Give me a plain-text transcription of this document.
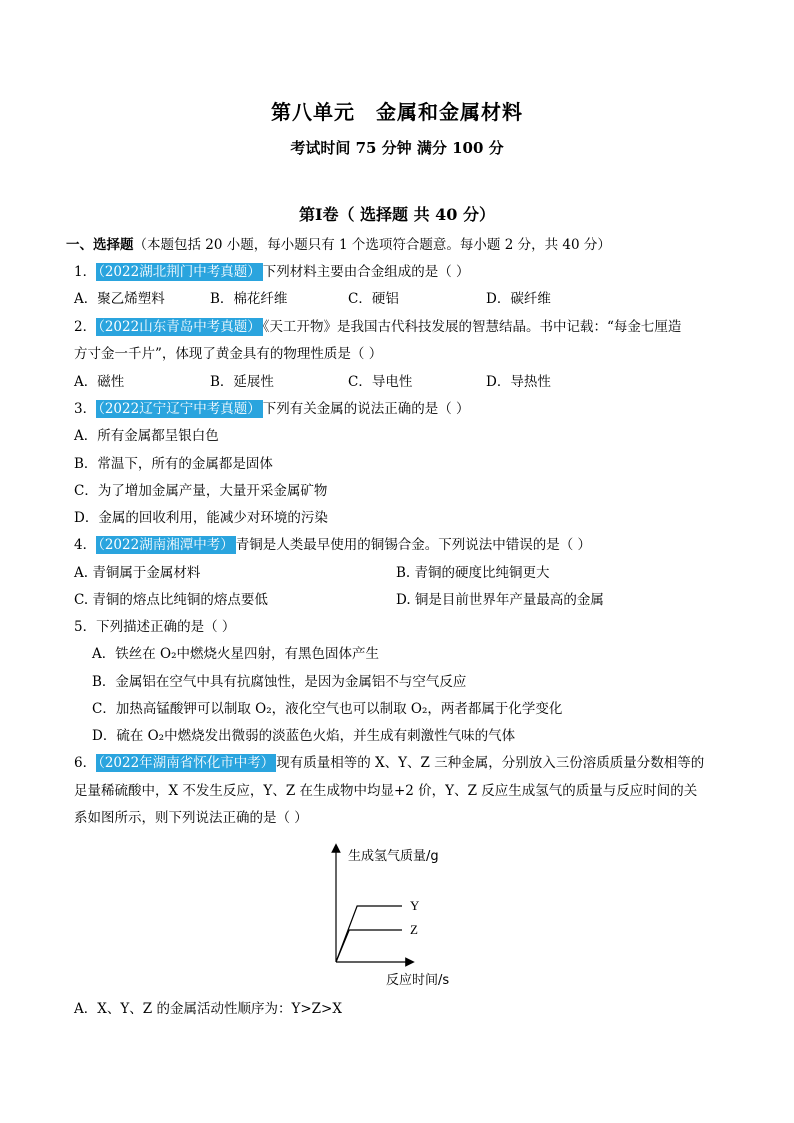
第八单元　金属和金属材料
考试时间 75 分钟 满分 100 分
第Ⅰ卷（ 选择题 共 40 分）
一、选择题（本题包括 20 小题，每小题只有 1 个选项符合题意。每小题 2 分，共 40 分）
1． （2022湖北荆门中考真题） 下列材料主要由合金组成的是（ ）
A．聚乙烯塑料	B．棉花纤维	C．硬铝	D．碳纤维
2． （2022山东青岛中考真题） 《天工开物》是我国古代科技发展的智慧结晶。书中记载：“每金七厘造
方寸金一千片”，体现了黄金具有的物理性质是（ ）
A．磁性	B．延展性	C．导电性	D．导热性
3． （2022辽宁辽宁中考真题） 下列有关金属的说法正确的是（ ）
A．所有金属都呈银白色
B．常温下，所有的金属都是固体
C．为了增加金属产量，大量开采金属矿物
D．金属的回收利用，能减少对环境的污染
4． （2022湖南湘潭中考） 青铜是人类最早使用的铜锡合金。下列说法中错误的是（ ）
A. 青铜属于金属材料	B. 青铜的硬度比纯铜更大
C. 青铜的熔点比纯铜的熔点要低	D. 铜是目前世界年产量最高的金属
5．下列描述正确的是（ ）
A．铁丝在 O₂中燃烧火星四射，有黑色固体产生
B．金属铝在空气中具有抗腐蚀性，是因为金属铝不与空气反应
C．加热高锰酸钾可以制取 O₂，液化空气也可以制取 O₂，两者都属于化学变化
D．硫在 O₂中燃烧发出微弱的淡蓝色火焰，并生成有刺激性气味的气体
6． （2022年湖南省怀化市中考） 现有质量相等的 X、Y、Z 三种金属，分别放入三份溶质质量分数相等的
足量稀硫酸中，X 不发生反应，Y、Z 在生成物中均显+2 价，Y、Z 反应生成氢气的质量与反应时间的关
系如图所示，则下列说法正确的是（ ）
生成氢气质量/g
反应时间/s
Y
Z
A．X、Y、Z 的金属活动性顺序为：Y>Z>X
